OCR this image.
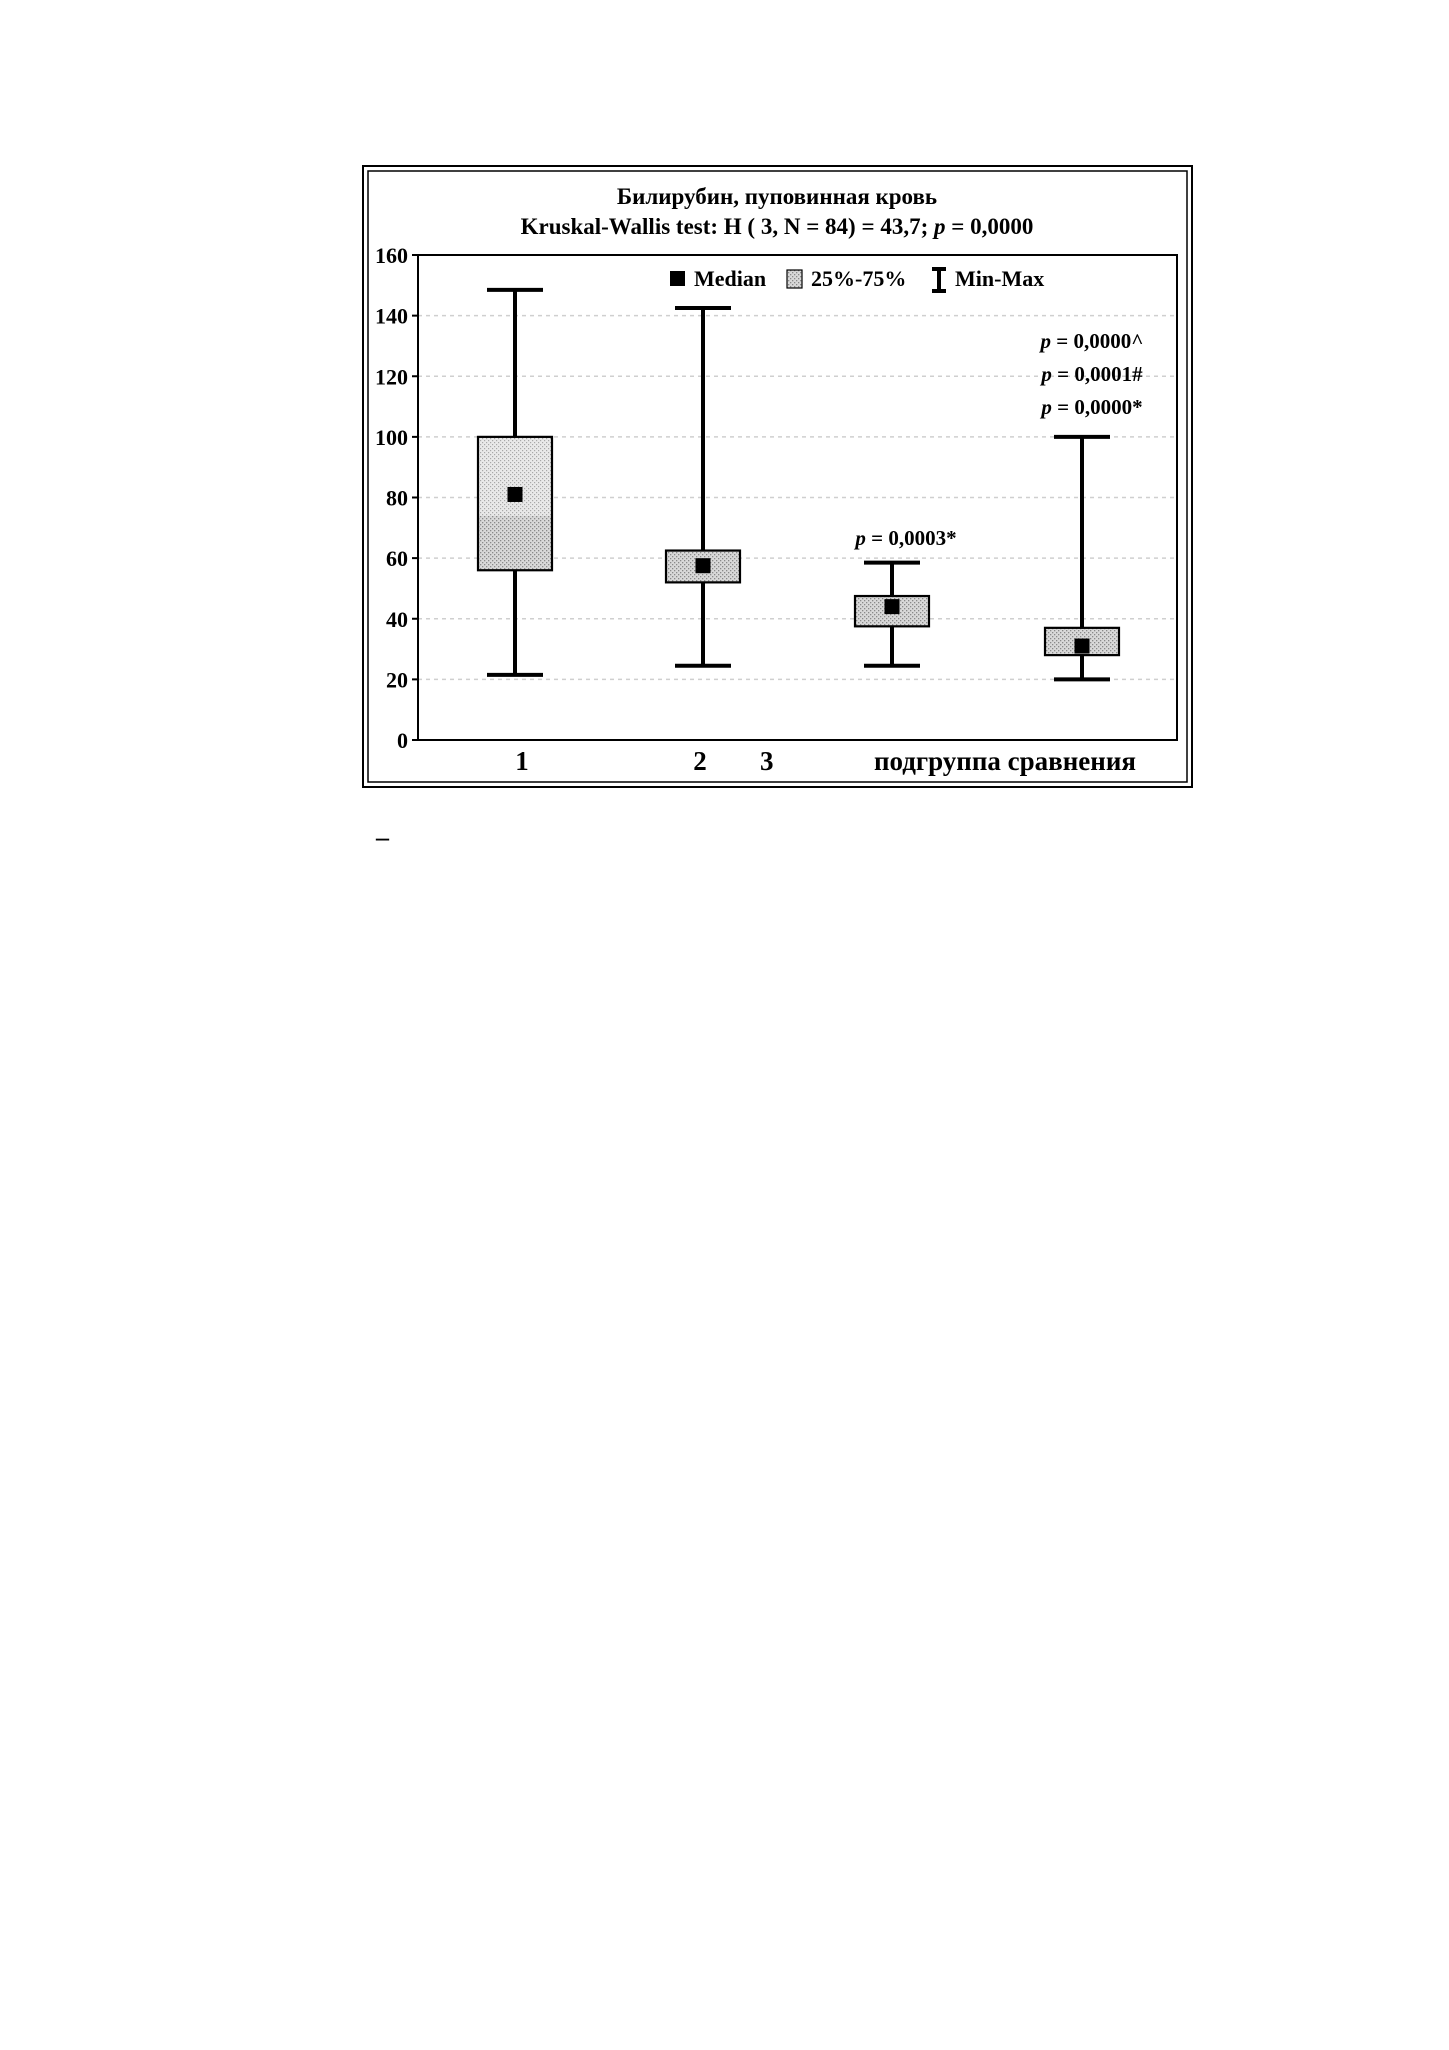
Билирубин, пуповинная кровь
Kruskal-Wallis test: H ( 3, N = 84) = 43,7; p = 0,0000
0
20
40
60
80
100
120
140
160
1	2 3	подгруппа сравнения
p = 0,0003*
p = 0,0000^
p = 0,0001#
p = 0,0000*
Median 25%-75% Min-Max
–
